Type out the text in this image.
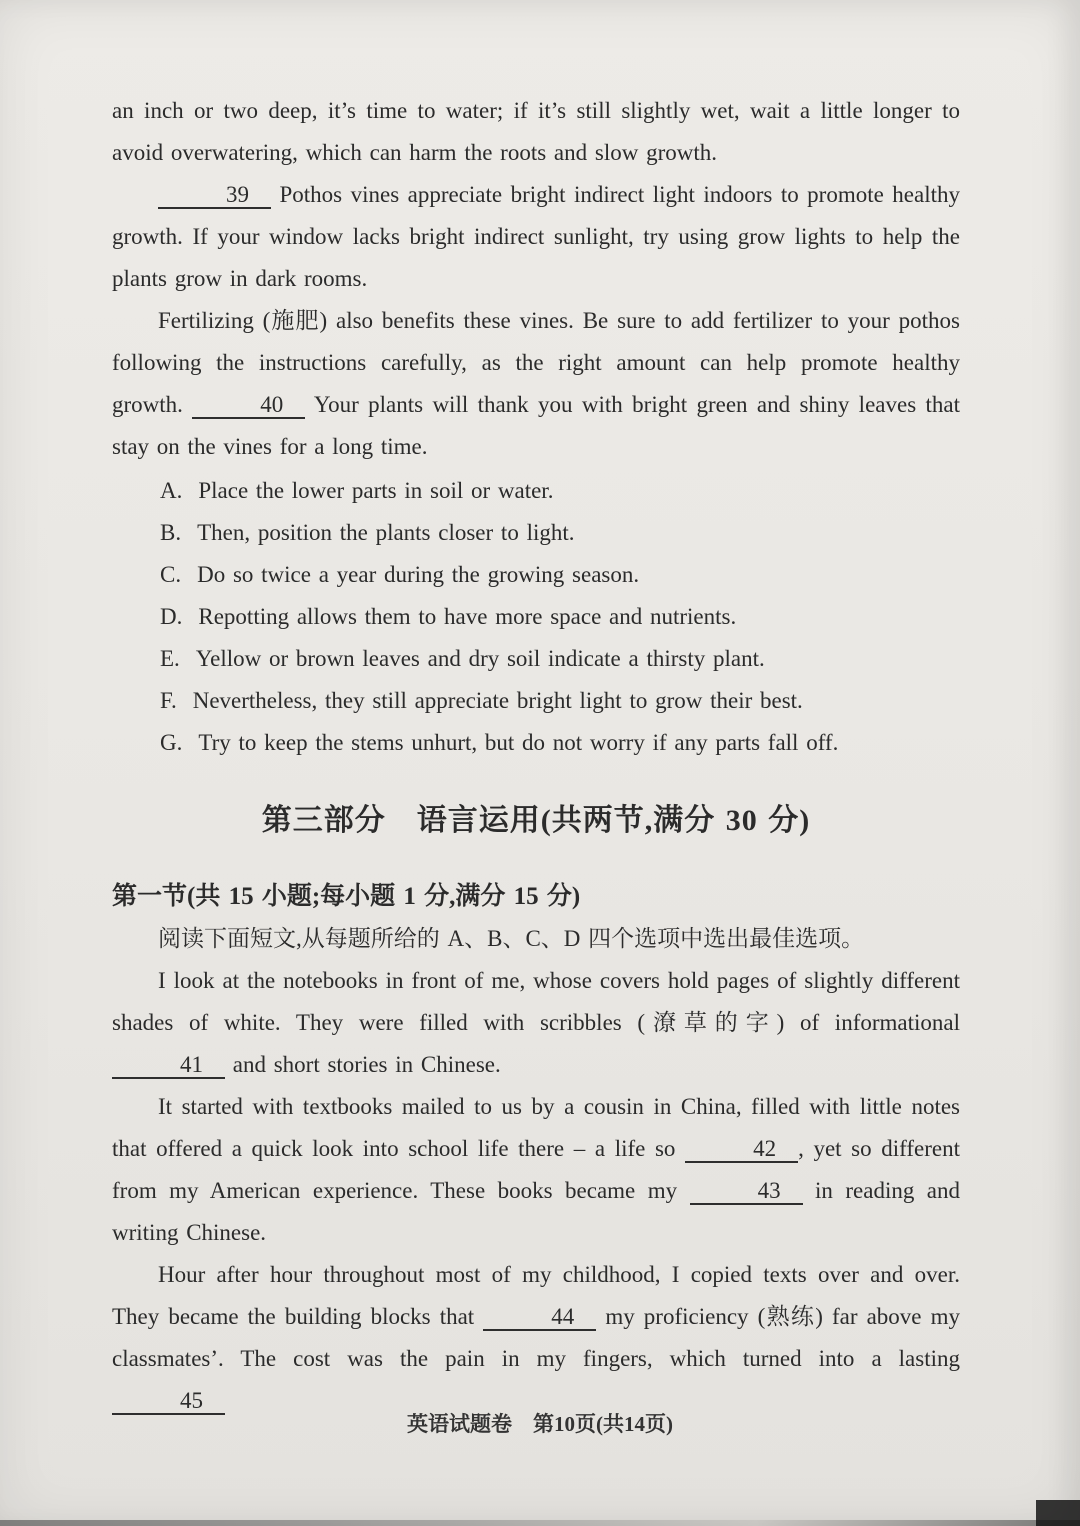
an inch or two deep, it’s time to water; if it’s still slightly wet, wait a little longer to avoid overwatering, which can harm the roots and slow growth.

39 Pothos vines appreciate bright indirect light indoors to promote healthy growth. If your window lacks bright indirect sunlight, try using grow lights to help the plants grow in dark rooms.

Fertilizing (施肥) also benefits these vines. Be sure to add fertilizer to your pothos following the instructions carefully, as the right amount can help promote healthy growth.	40 Your plants will thank you with bright green and shiny leaves that stay on the vines for a long time.

A. Place the lower parts in soil or water.

B. Then, position the plants closer to light.

C. Do so twice a year during the growing season.

D. Repotting allows them to have more space and nutrients.

E. Yellow or brown leaves and dry soil indicate a thirsty plant.

F. Nevertheless, they still appreciate bright light to grow their best.

G. Try to keep the stems unhurt, but do not worry if any parts fall off.

第三部分　语言运用(共两节,满分 30 分)

第一节(共 15 小题;每小题 1 分,满分 15 分)

阅读下面短文,从每题所给的 A、B、C、D 四个选项中选出最佳选项。

I look at the notebooks in front of me, whose covers hold pages of slightly different shades of white. They were filled with scribbles (潦草的字) of informational 41 and short stories in Chinese.

It started with textbooks mailed to us by a cousin in China, filled with little notes that offered a quick look into school life there – a life so	42 , yet so different from my American experience. These books became my	43 in reading and writing Chinese.

Hour after hour throughout most of my childhood, I copied texts over and over. They became the building blocks that	44 my proficiency (熟练) far above my classmates’. The cost was the pain in my fingers, which turned into a lasting 45

英语试题卷　第10页(共14页)
